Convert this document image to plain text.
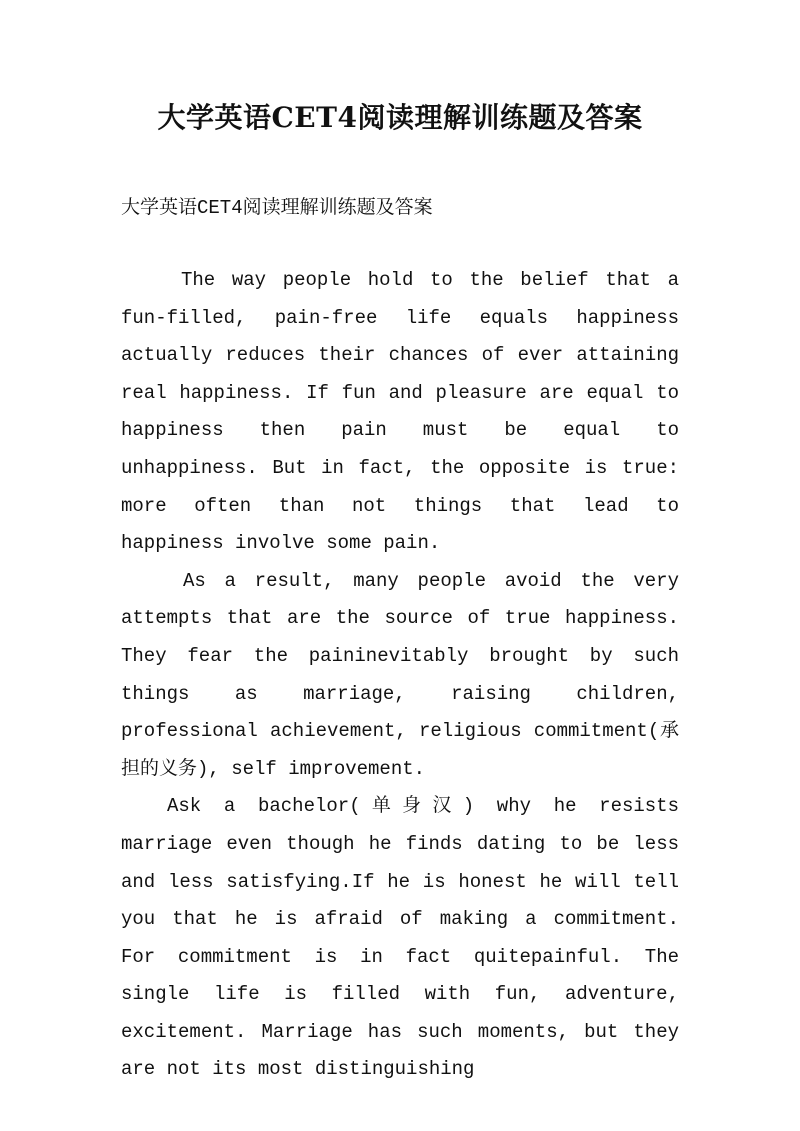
大学英语CET4阅读理解训练题及答案

大学英语CET4阅读理解训练题及答案

The way people hold to the belief that a fun-filled, pain-free life equals happiness actually reduces their chances of ever attaining real happiness. If fun and pleasure are equal to happiness then pain must be equal to unhappiness. But in fact, the opposite is true: more often than not things that lead to happiness involve some pain.

As a result, many people avoid the very attempts that are the source of true happiness. They fear the paininevitably brought by such things as marriage, raising children, professional achievement, religious commitment(承担的义务), self improvement.

Ask a bachelor(单身汉) why he resists marriage even though he finds dating to be less and less satisfying.If he is honest he will tell you that he is afraid of making a commitment. For commitment is in fact quitepainful. The single life is filled with fun, adventure, excitement. Marriage has such moments, but they are not its most distinguishing
